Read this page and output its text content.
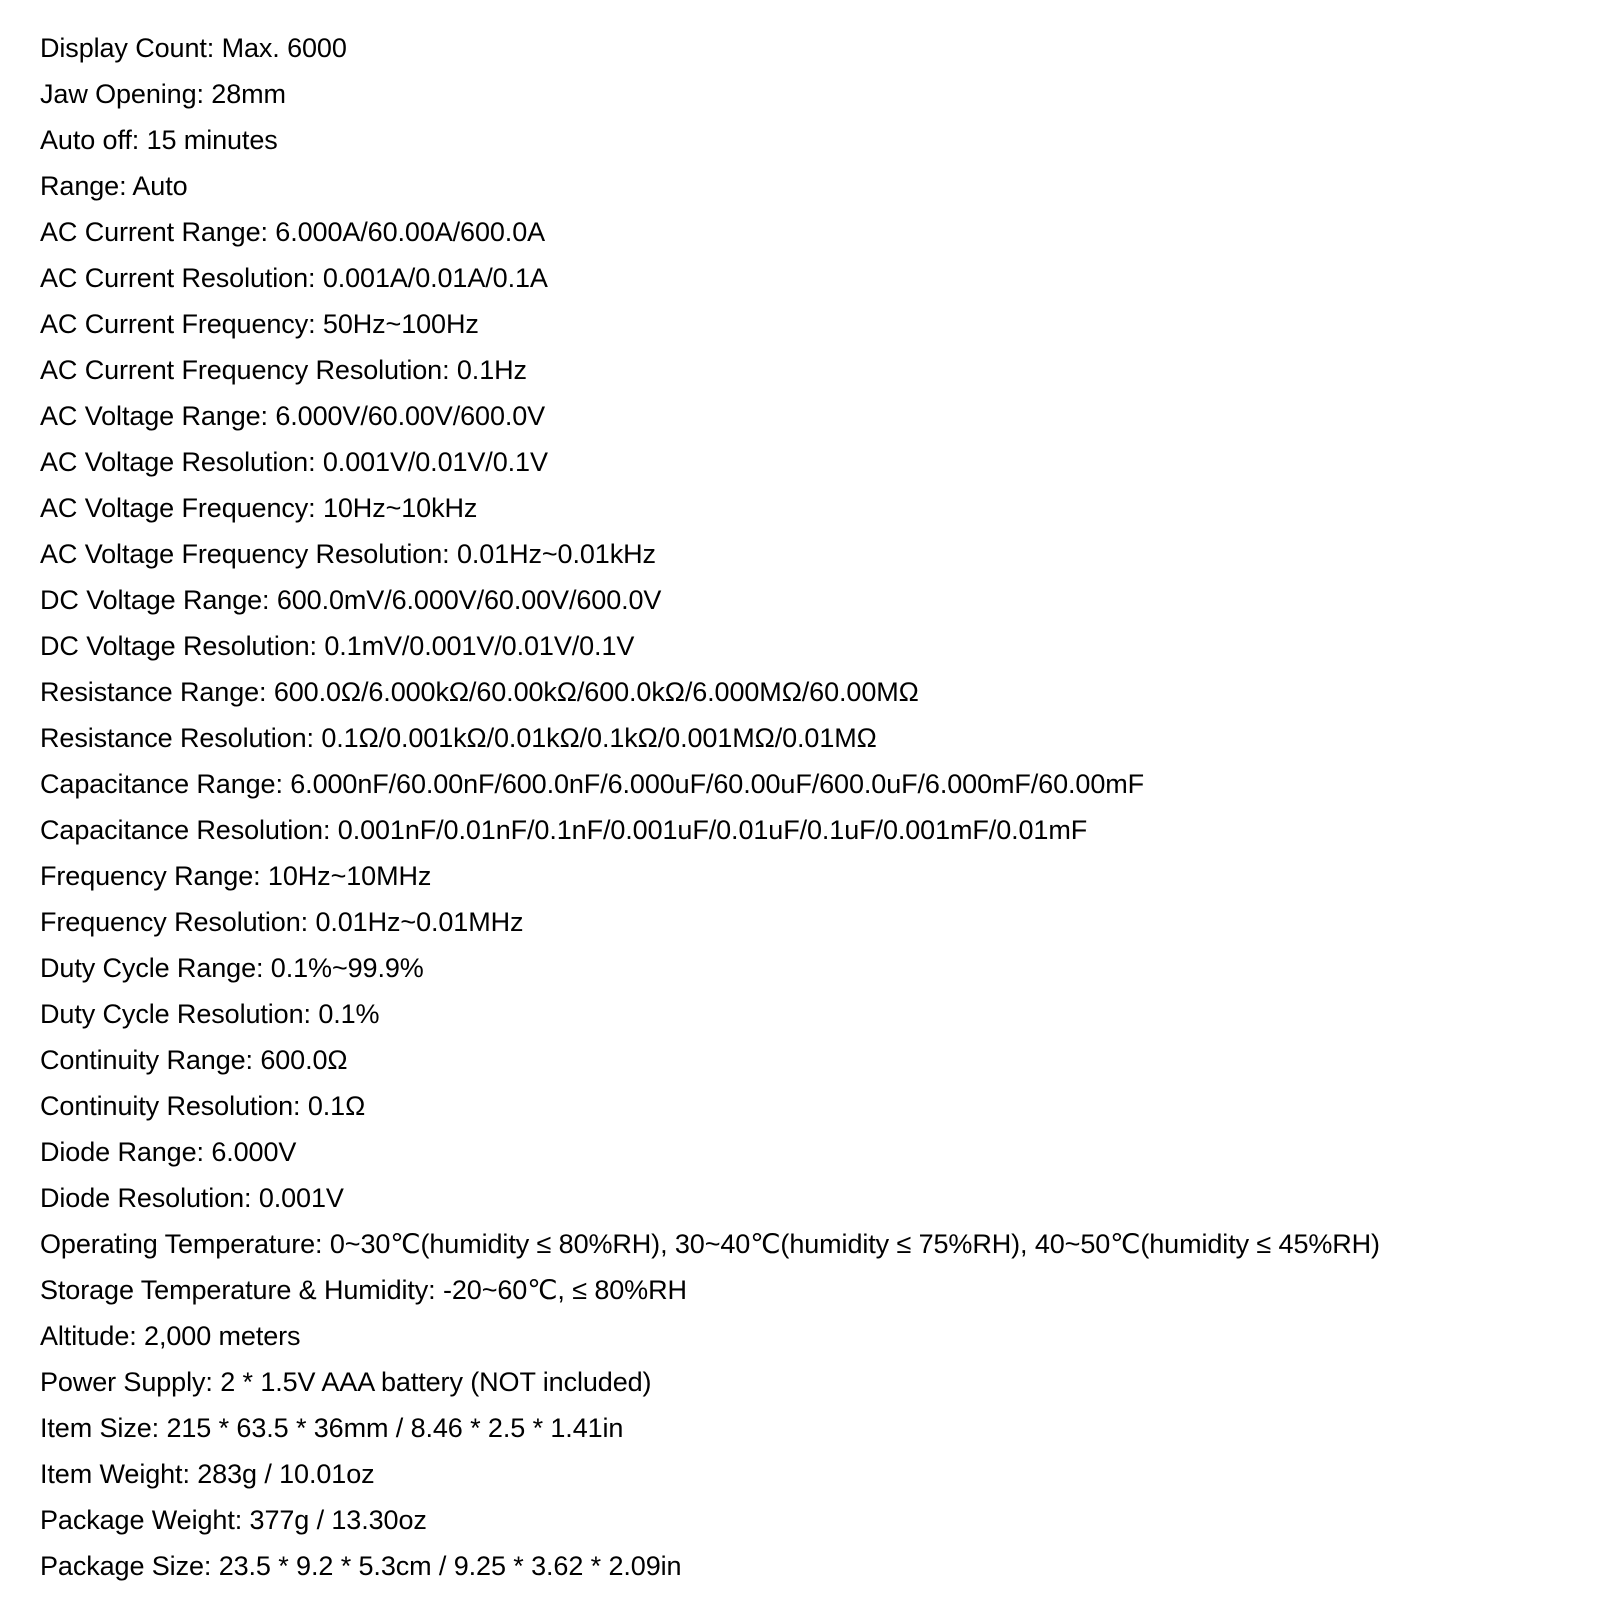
Display Count: Max. 6000
Jaw Opening: 28mm
Auto off: 15 minutes
Range: Auto
AC Current Range: 6.000A/60.00A/600.0A
AC Current Resolution: 0.001A/0.01A/0.1A
AC Current Frequency: 50Hz~100Hz
AC Current Frequency Resolution: 0.1Hz
AC Voltage Range: 6.000V/60.00V/600.0V
AC Voltage Resolution: 0.001V/0.01V/0.1V
AC Voltage Frequency: 10Hz~10kHz
AC Voltage Frequency Resolution: 0.01Hz~0.01kHz
DC Voltage Range: 600.0mV/6.000V/60.00V/600.0V
DC Voltage Resolution: 0.1mV/0.001V/0.01V/0.1V
Resistance Range: 600.0Ω/6.000kΩ/60.00kΩ/600.0kΩ/6.000MΩ/60.00MΩ
Resistance Resolution: 0.1Ω/0.001kΩ/0.01kΩ/0.1kΩ/0.001MΩ/0.01MΩ
Capacitance Range: 6.000nF/60.00nF/600.0nF/6.000uF/60.00uF/600.0uF/6.000mF/60.00mF
Capacitance Resolution: 0.001nF/0.01nF/0.1nF/0.001uF/0.01uF/0.1uF/0.001mF/0.01mF
Frequency Range: 10Hz~10MHz
Frequency Resolution: 0.01Hz~0.01MHz
Duty Cycle Range: 0.1%~99.9%
Duty Cycle Resolution: 0.1%
Continuity Range: 600.0Ω
Continuity Resolution: 0.1Ω
Diode Range: 6.000V
Diode Resolution: 0.001V
Operating Temperature: 0~30℃(humidity ≤ 80%RH), 30~40℃(humidity ≤ 75%RH), 40~50℃(humidity ≤ 45%RH)
Storage Temperature & Humidity: -20~60℃, ≤ 80%RH
Altitude: 2,000 meters
Power Supply: 2 * 1.5V AAA battery (NOT included)
Item Size: 215 * 63.5 * 36mm / 8.46 * 2.5 * 1.41in
Item Weight: 283g / 10.01oz
Package Weight: 377g / 13.30oz
Package Size: 23.5 * 9.2 * 5.3cm / 9.25 * 3.62 * 2.09in
